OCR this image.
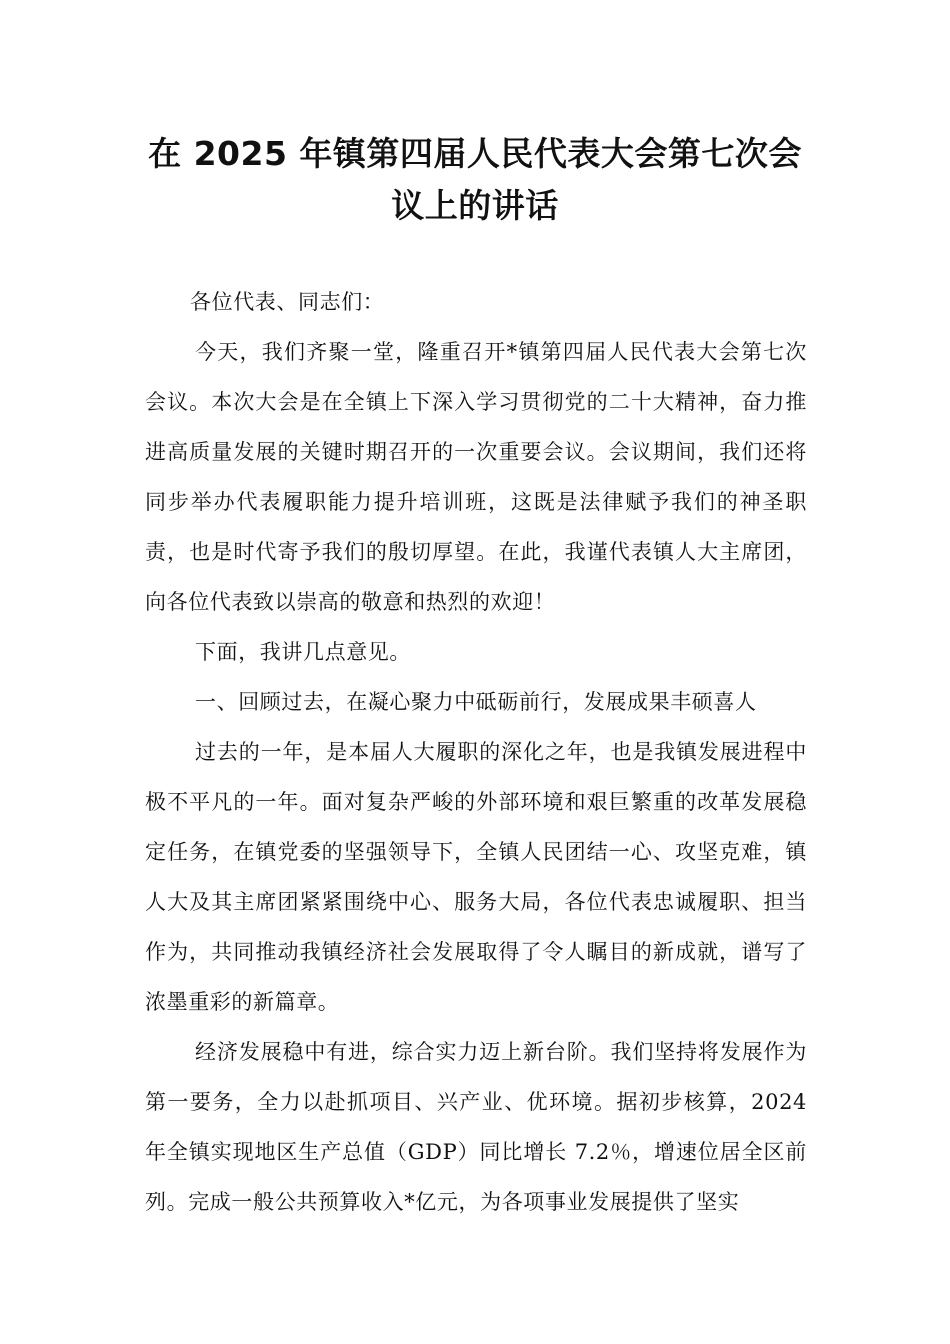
在 2025 年镇第四届人民代表大会第七次会
议上的讲话

各位代表、同志们：

今天，我们齐聚一堂，隆重召开*镇第四届人民代表大会第七次会议。本次大会是在全镇上下深入学习贯彻党的二十大精神，奋力推进高质量发展的关键时期召开的一次重要会议。会议期间，我们还将同步举办代表履职能力提升培训班，这既是法律赋予我们的神圣职责，也是时代寄予我们的殷切厚望。在此，我谨代表镇人大主席团，向各位代表致以崇高的敬意和热烈的欢迎！

下面，我讲几点意见。

一、回顾过去，在凝心聚力中砥砺前行，发展成果丰硕喜人

过去的一年，是本届人大履职的深化之年，也是我镇发展进程中极不平凡的一年。面对复杂严峻的外部环境和艰巨繁重的改革发展稳定任务，在镇党委的坚强领导下，全镇人民团结一心、攻坚克难，镇人大及其主席团紧紧围绕中心、服务大局，各位代表忠诚履职、担当作为，共同推动我镇经济社会发展取得了令人瞩目的新成就，谱写了浓墨重彩的新篇章。

经济发展稳中有进，综合实力迈上新台阶。我们坚持将发展作为第一要务，全力以赴抓项目、兴产业、优环境。据初步核算，2024 年全镇实现地区生产总值（GDP）同比增长 7.2％，增速位居全区前列。完成一般公共预算收入*亿元，为各项事业发展提供了坚实
